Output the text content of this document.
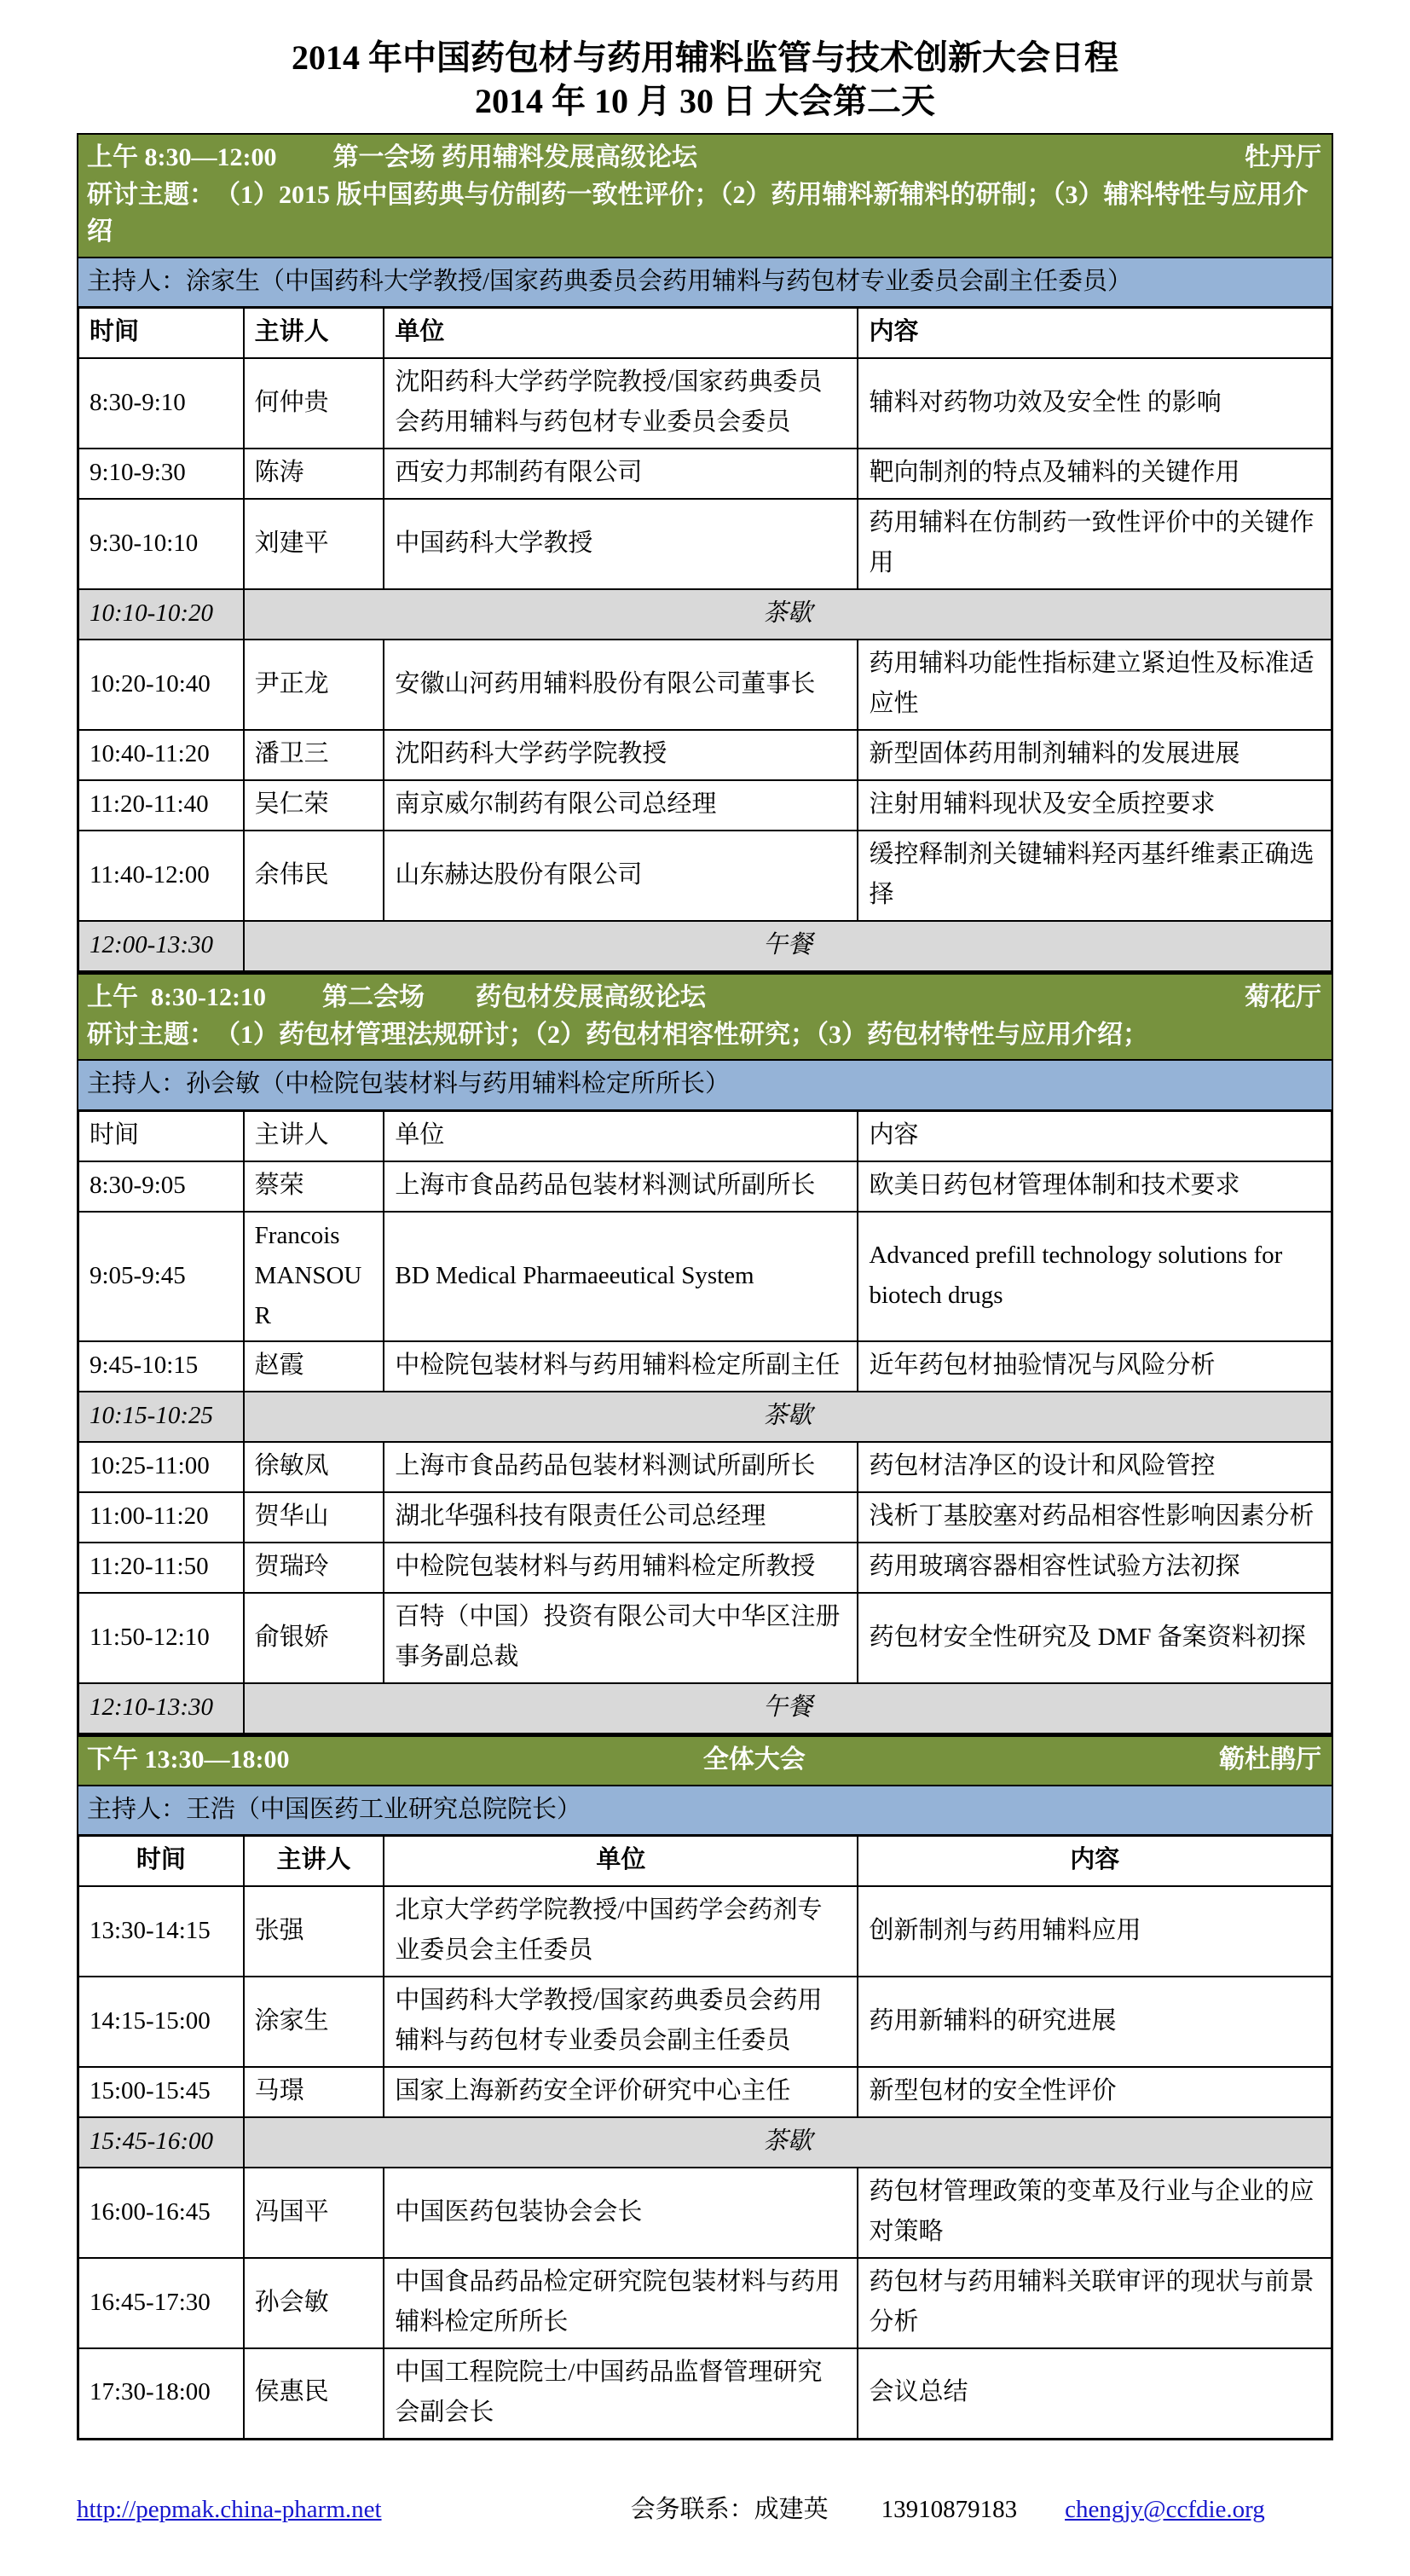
2014 年中国药包材与药用辅料监管与技术创新大会日程
2014 年 10 月 30 日 大会第二天
上午 8:30—12:00 第一会场 药用辅料发展高级论坛	牡丹厅
研讨主题：　（1）2015 版中国药典与仿制药一致性评价；（2）药用辅料新辅料的研制；（3）辅料特性与应用介绍
主持人：涂家生（中国药科大学教授/国家药典委员会药用辅料与药包材专业委员会副主任委员）
时间	主讲人	单位	内容
8:30-9:10	何仲贵	沈阳药科大学药学院教授/国家药典委员会药用辅料与药包材专业委员会委员	辅料对药物功效及安全性 的影响
9:10-9:30	陈涛	西安力邦制药有限公司	靶向制剂的特点及辅料的关键作用
9:30-10:10	刘建平	中国药科大学教授	药用辅料在仿制药一致性评价中的关键作用
10:10-10:20	茶歇		
10:20-10:40	尹正龙	安徽山河药用辅料股份有限公司董事长	药用辅料功能性指标建立紧迫性及标准适应性
10:40-11:20	潘卫三	沈阳药科大学药学院教授	新型固体药用制剂辅料的发展进展
11:20-11:40	吴仁荣	南京威尔制药有限公司总经理	注射用辅料现状及安全质控要求
11:40-12:00	余伟民	山东赫达股份有限公司	缓控释制剂关键辅料羟丙基纤维素正确选择
12:00-13:30	午餐		
上午  8:30-12:10 第二会场　　药包材发展高级论坛	菊花厅
研讨主题：　（1）药包材管理法规研讨；（2）药包材相容性研究；（3）药包材特性与应用介绍；
主持人：孙会敏（中检院包装材料与药用辅料检定所所长）
时间	主讲人	单位	内容
8:30-9:05	蔡荣	上海市食品药品包装材料测试所副所长	欧美日药包材管理体制和技术要求
9:05-9:45	Francois MANSOUR	BD Medical Pharmaeeutical System	Advanced prefill technology solutions for biotech drugs
9:45-10:15	赵霞	中检院包装材料与药用辅料检定所副主任	近年药包材抽验情况与风险分析
10:15-10:25	茶歇		
10:25-11:00	徐敏凤	上海市食品药品包装材料测试所副所长	药包材洁净区的设计和风险管控
11:00-11:20	贺华山	湖北华强科技有限责任公司总经理	浅析丁基胶塞对药品相容性影响因素分析
11:20-11:50	贺瑞玲	中检院包装材料与药用辅料检定所教授	药用玻璃容器相容性试验方法初探
11:50-12:10	俞银娇	百特（中国）投资有限公司大中华区注册事务副总裁	药包材安全性研究及 DMF 备案资料初探
12:10-13:30	午餐		
下午 13:30—18:00	全体大会	簕杜鹃厅
主持人：王浩（中国医药工业研究总院院长）
时间	主讲人	单位	内容
13:30-14:15	张强	北京大学药学院教授/中国药学会药剂专业委员会主任委员	创新制剂与药用辅料应用
14:15-15:00	涂家生	中国药科大学教授/国家药典委员会药用辅料与药包材专业委员会副主任委员	药用新辅料的研究进展
15:00-15:45	马璟	国家上海新药安全评价研究中心主任	新型包材的安全性评价
15:45-16:00	茶歇		
16:00-16:45	冯国平	中国医药包装协会会长	药包材管理政策的变革及行业与企业的应对策略
16:45-17:30	孙会敏	中国食品药品检定研究院包装材料与药用辅料检定所所长	药包材与药用辅料关联审评的现状与前景分析
17:30-18:00	侯惠民	中国工程院院士/中国药品监督管理研究会副会长	会议总结
http://pepmak.china-pharm.net	会务联系：成建英 13910879183 chengjy@ccfdie.org
